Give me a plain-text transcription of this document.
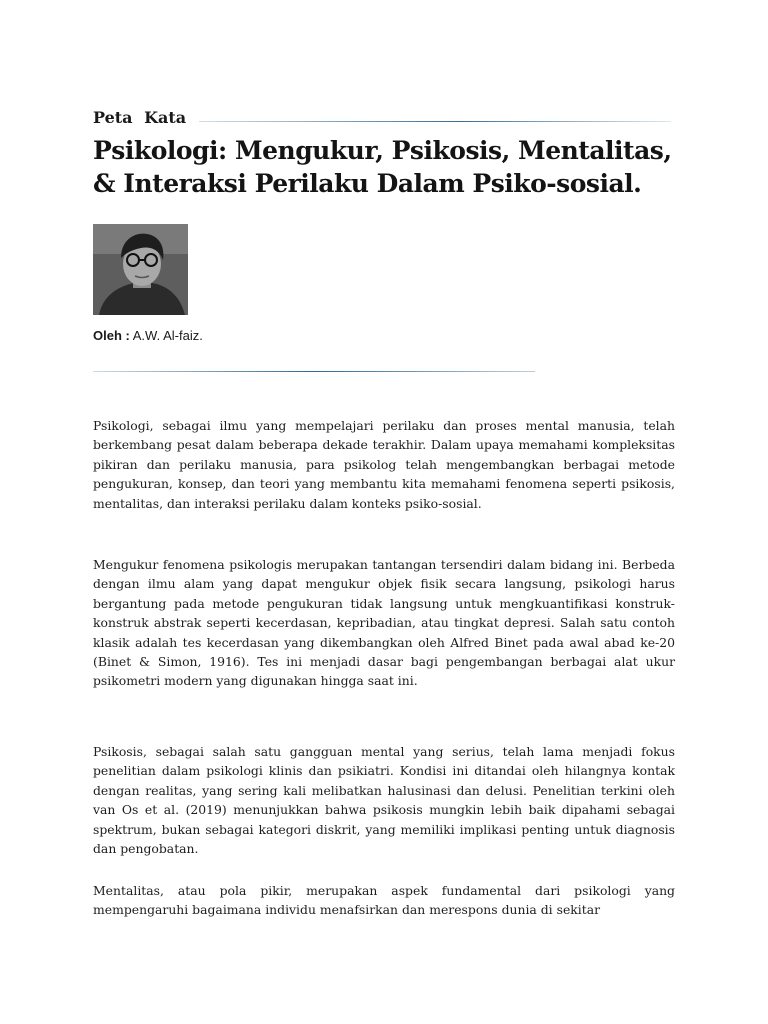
Peta Kata
Psikologi: Mengukur, Psikosis, Mentalitas, & Interaksi Perilaku Dalam Psiko-sosial.
Oleh : A.W. Al-faiz.

Psikologi, sebagai ilmu yang mempelajari perilaku dan proses mental manusia, telah berkembang pesat dalam beberapa dekade terakhir. Dalam upaya memahami kompleksitas pikiran dan perilaku manusia, para psikolog telah mengembangkan berbagai metode pengukuran, konsep, dan teori yang membantu kita memahami fenomena seperti psikosis, mentalitas, dan interaksi perilaku dalam konteks psiko-sosial.

Mengukur fenomena psikologis merupakan tantangan tersendiri dalam bidang ini. Berbeda dengan ilmu alam yang dapat mengukur objek fisik secara langsung, psikologi harus bergantung pada metode pengukuran tidak langsung untuk mengkuantifikasi konstruk-konstruk abstrak seperti kecerdasan, kepribadian, atau tingkat depresi. Salah satu contoh klasik adalah tes kecerdasan yang dikembangkan oleh Alfred Binet pada awal abad ke-20 (Binet & Simon, 1916). Tes ini menjadi dasar bagi pengembangan berbagai alat ukur psikometri modern yang digunakan hingga saat ini.

Psikosis, sebagai salah satu gangguan mental yang serius, telah lama menjadi fokus penelitian dalam psikologi klinis dan psikiatri. Kondisi ini ditandai oleh hilangnya kontak dengan realitas, yang sering kali melibatkan halusinasi dan delusi. Penelitian terkini oleh van Os et al. (2019) menunjukkan bahwa psikosis mungkin lebih baik dipahami sebagai spektrum, bukan sebagai kategori diskrit, yang memiliki implikasi penting untuk diagnosis dan pengobatan.

Mentalitas, atau pola pikir, merupakan aspek fundamental dari psikologi yang mempengaruhi bagaimana individu menafsirkan dan merespons dunia di sekitar
